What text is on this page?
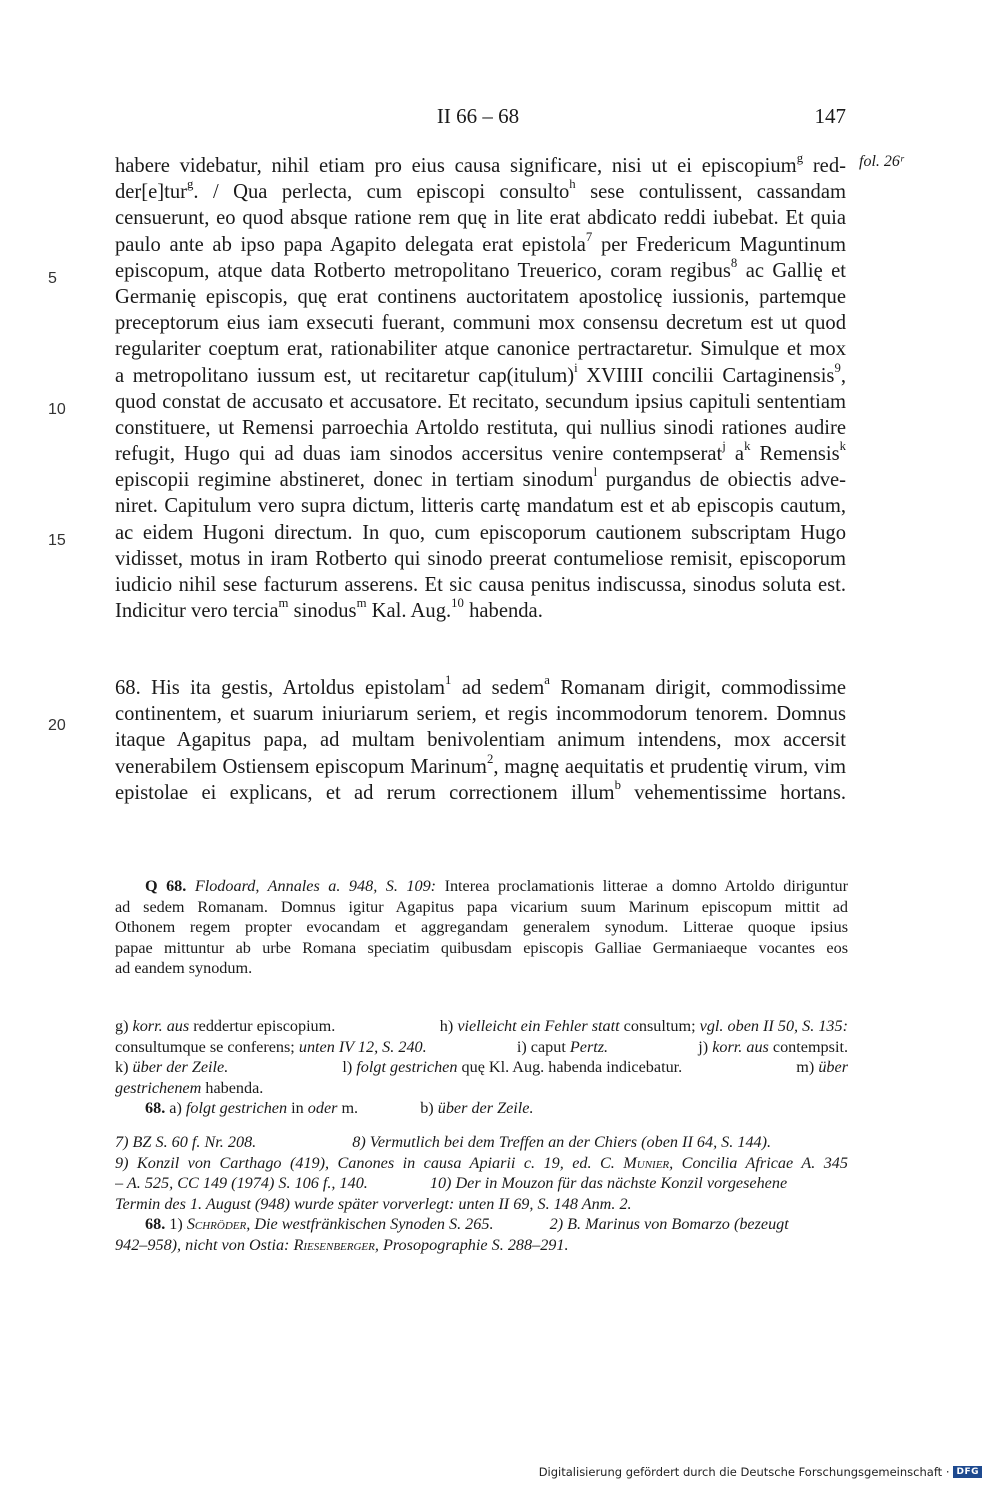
II 66 – 68	147
fol. 26ʳ
5
10
15
20
habere videbatur, nihil etiam pro eius causa significare, nisi ut ei episcopium$^g$ red-
der[e]tur$^g$. / Qua perlecta, cum episcopi consulto$^h$ sese contulissent, cassandam
censuerunt, eo quod absque ratione rem quę in lite erat abdicato reddi iubebat. Et quia
paulo ante ab ipso papa Agapito delegata erat epistola$^7$ per Fredericum Maguntinum
episcopum, atque data Rotberto metropolitano Treuerico, coram regibus$^8$ ac Gallię et
Germanię episcopis, quę erat continens auctoritatem apostolicę iussionis, partemque
preceptorum eius iam exsecuti fuerant, communi mox consensu decretum est ut quod
regulariter coeptum erat, rationabiliter atque canonice pertractaretur. Simulque et mox
a metropolitano iussum est, ut recitaretur cap(itulum)$^i$ XVIIII concilii Cartaginensis$^9$,
quod constat de accusato et accusatore. Et recitato, secundum ipsius capituli sententiam
constituere, ut Remensi parroechia Artoldo restituta, qui nullius sinodi rationes audire
refugit, Hugo qui ad duas iam sinodos accersitus venire contempserat$^j$ $a^k$ Remensis$^k$
episcopii regimine abstineret, donec in tertiam sinodum$^l$ purgandus de obiectis adve-
niret. Capitulum vero supra dictum, litteris cartę mandatum est et ab episcopis cautum,
ac eidem Hugoni directum. In quo, cum episcoporum cautionem subscriptam Hugo
vidisset, motus in iram Rotberto qui sinodo preerat contumeliose remisit, episcoporum
iudicio nihil sese facturum asserens. Et sic causa penitus indiscussa, sinodus soluta est.
Indicitur vero tercia$^m$ sinodus$^m$ Kal. Aug.$^{10}$ habenda.
68. His ita gestis, Artoldus epistolam$^1$ ad sedem$^a$ Romanam dirigit, commodissime
continentem, et suarum iniuriarum seriem, et regis incommodorum tenorem. Domnus
itaque Agapitus papa, ad multam benivolentiam animum intendens, mox accersit
venerabilem Ostiensem episcopum Marinum$^2$, magnę aequitatis et prudentię virum, vim
epistolae ei explicans, et ad rerum correctionem illum$^b$ vehementissime hortans.
Q 68. Flodoard, Annales a. 948, S. 109: Interea proclamationis litterae a domno Artoldo diriguntur
ad sedem Romanam. Domnus igitur Agapitus papa vicarium suum Marinum episcopum mittit ad
Othonem regem propter evocandam et aggregandam generalem synodum. Litterae quoque ipsius
papae mittuntur ab urbe Romana speciatim quibusdam episcopis Galliae Germaniaeque vocantes eos
ad eandem synodum.
g) korr. aus reddertur episcopium.	h) vielleicht ein Fehler statt consultum; vgl. oben II 50, S. 135:
consultumque se conferens; unten IV 12, S. 240.	i) caput Pertz.	j) korr. aus contempsit.
k) über der Zeile.	l) folgt gestrichen quę Kl. Aug. habenda indicebatur.	m) über
gestrichenem habenda.
68. a) folgt gestrichen in oder m.	b) über der Zeile.
7) BZ S. 60 f. Nr. 208.	8) Vermutlich bei dem Treffen an der Chiers (oben II 64, S. 144).
9) Konzil von Carthago (419), Canones in causa Apiarii c. 19, ed. C. Munier, Concilia Africae A. 345
– A. 525, CC 149 (1974) S. 106 f., 140.	10) Der in Mouzon für das nächste Konzil vorgesehene
Termin des 1. August (948) wurde später vorverlegt: unten II 69, S. 148 Anm. 2.
68. 1) Schröder, Die westfränkischen Synoden S. 265.	2) B. Marinus von Bomarzo (bezeugt
942–958), nicht von Ostia: Riesenberger, Prosopographie S. 288–291.
Digitalisierung gefördert durch die Deutsche Forschungsgemeinschaft · DFG
